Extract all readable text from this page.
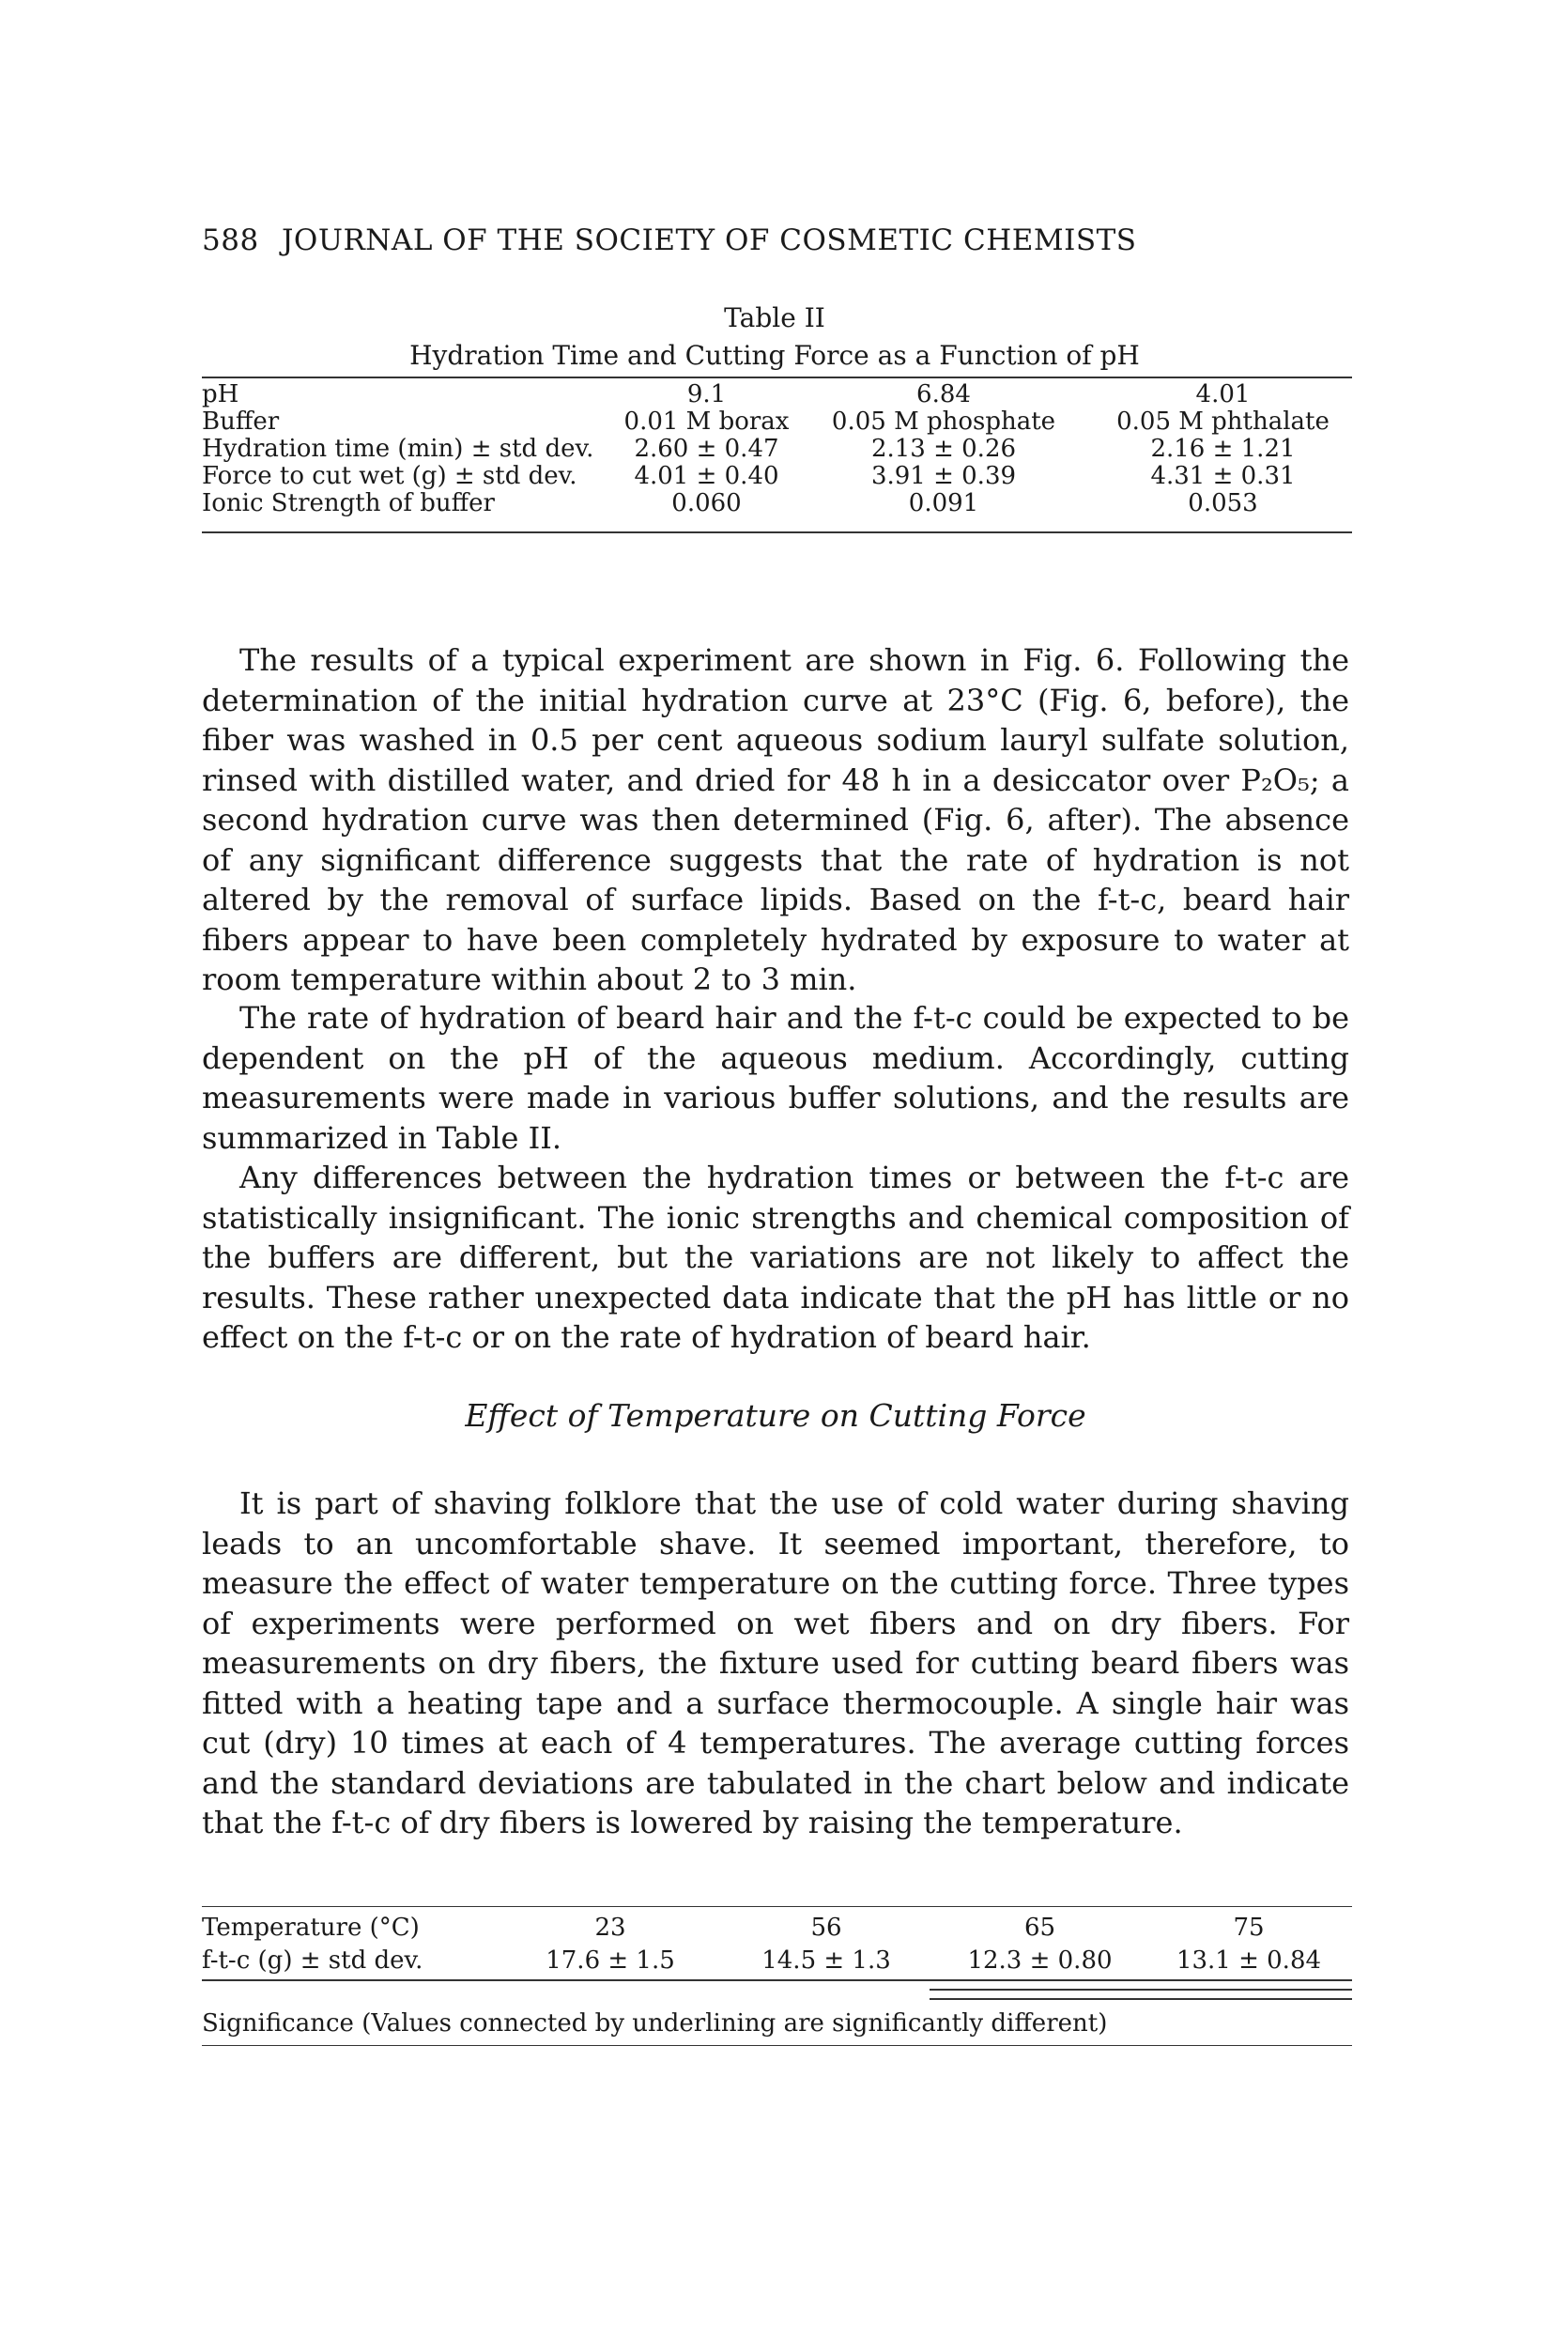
588 JOURNAL OF THE SOCIETY OF COSMETIC CHEMISTS
Table II
Hydration Time and Cutting Force as a Function of pH
pH	9.1	6.84	4.01
Buffer	0.01 M borax	0.05 M phosphate	0.05 M phthalate
Hydration time (min) ± std dev.	2.60 ± 0.47	2.13 ± 0.26	2.16 ± 1.21
Force to cut wet (g) ± std dev.	4.01 ± 0.40	3.91 ± 0.39	4.31 ± 0.31
Ionic Strength of buffer	0.060	0.091	0.053

The results of a typical experiment are shown in Fig. 6. Following the determination of the initial hydration curve at 23°C (Fig. 6, before), the fiber was washed in 0.5 per cent aqueous sodium lauryl sulfate solution, rinsed with distilled water, and dried for 48 h in a desiccator over P₂O₅; a second hydration curve was then determined (Fig. 6, after). The absence of any significant difference suggests that the rate of hydration is not altered by the removal of surface lipids. Based on the f-t-c, beard hair fibers appear to have been completely hydrated by exposure to water at room temperature within about 2 to 3 min.

The rate of hydration of beard hair and the f-t-c could be expected to be dependent on the pH of the aqueous medium. Accordingly, cutting measurements were made in various buffer solutions, and the results are summarized in Table II.

Any differences between the hydration times or between the f-t-c are statistically insignificant. The ionic strengths and chemical composition of the buffers are different, but the variations are not likely to affect the results. These rather unexpected data indicate that the pH has little or no effect on the f-t-c or on the rate of hydration of beard hair.

Effect of Temperature on Cutting Force

It is part of shaving folklore that the use of cold water during shaving leads to an uncomfortable shave. It seemed important, therefore, to measure the effect of water temperature on the cutting force. Three types of experiments were performed on wet fibers and on dry fibers. For measurements on dry fibers, the fixture used for cutting beard fibers was fitted with a heating tape and a surface thermocouple. A single hair was cut (dry) 10 times at each of 4 temperatures. The average cutting forces and the standard deviations are tabulated in the chart below and indicate that the f-t-c of dry fibers is lowered by raising the temperature.

Temperature (°C)	23	56	65	75
f-t-c (g) ± std dev.	17.6 ± 1.5	14.5 ± 1.3	12.3 ± 0.80	13.1 ± 0.84
Significance (Values connected by underlining are significantly different)
